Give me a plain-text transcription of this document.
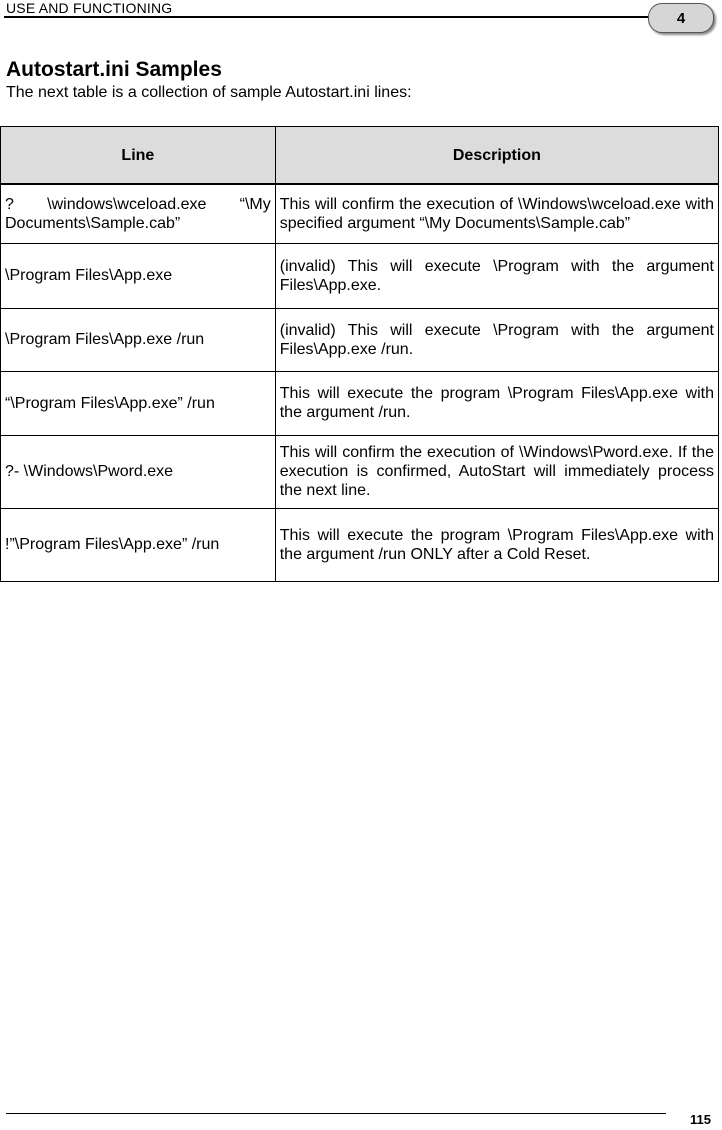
USE AND FUNCTIONING
4
Autostart.ini Samples
The next table is a collection of sample Autostart.ini lines:
Line	Description
? \windows\wceload.exe “\My Documents\Sample.cab”	This will confirm the execution of \Windows\wceload.exe with specified argument “\My Documents\Sample.cab”
\Program Files\App.exe	(invalid) This will execute \Program with the argument Files\App.exe.
\Program Files\App.exe /run	(invalid) This will execute \Program with the argument Files\App.exe /run.
“\Program Files\App.exe” /run	This will execute the program \Program Files\App.exe with the argument /run.
?- \Windows\Pword.exe	This will confirm the execution of \Windows\Pword.exe. If the execution is confirmed, AutoStart will immediately process the next line.
!”\Program Files\App.exe” /run	This will execute the program \Program Files\App.exe with the argument /run ONLY after a Cold Reset.
115
